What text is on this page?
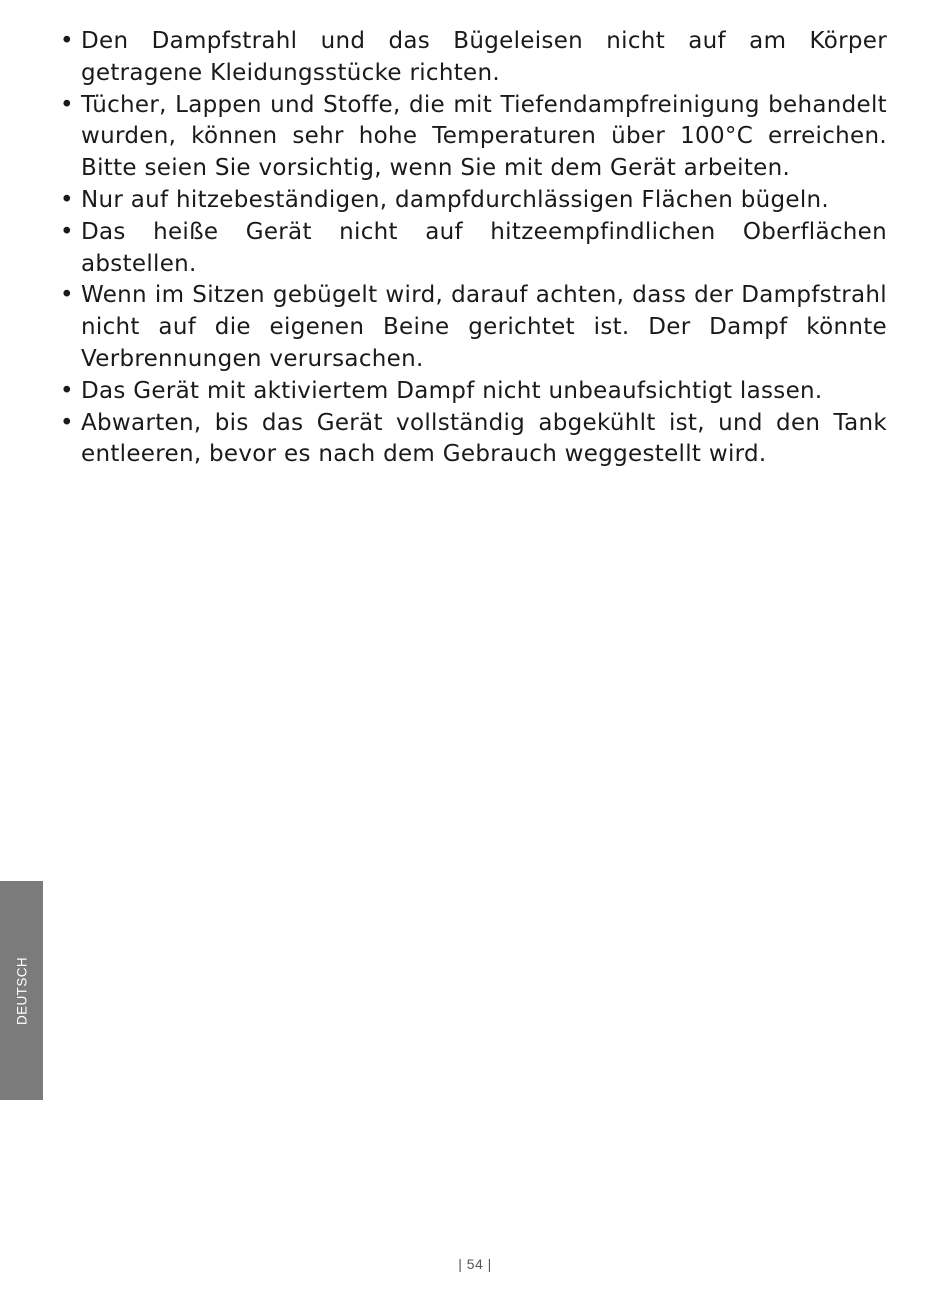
• Den Dampfstrahl und das Bügeleisen nicht auf am Körper getragene Kleidungsstücke richten.
• Tücher, Lappen und Stoffe, die mit Tiefendampfreinigung behandelt wurden, können sehr hohe Temperaturen über 100°C erreichen. Bitte seien Sie vorsichtig, wenn Sie mit dem Gerät arbeiten.
• Nur auf hitzebeständigen, dampfdurchlässigen Flächen bügeln.
• Das heiße Gerät nicht auf hitzeempfindlichen Oberflächen abstellen.
• Wenn im Sitzen gebügelt wird, darauf achten, dass der Dampfstrahl nicht auf die eigenen Beine gerichtet ist. Der Dampf könnte Verbrennungen verursachen.
• Das Gerät mit aktiviertem Dampf nicht unbeaufsichtigt lassen.
• Abwarten, bis das Gerät vollständig abgekühlt ist, und den Tank entleeren, bevor es nach dem Gebrauch weggestellt wird.
DEUTSCH
| 54 |
